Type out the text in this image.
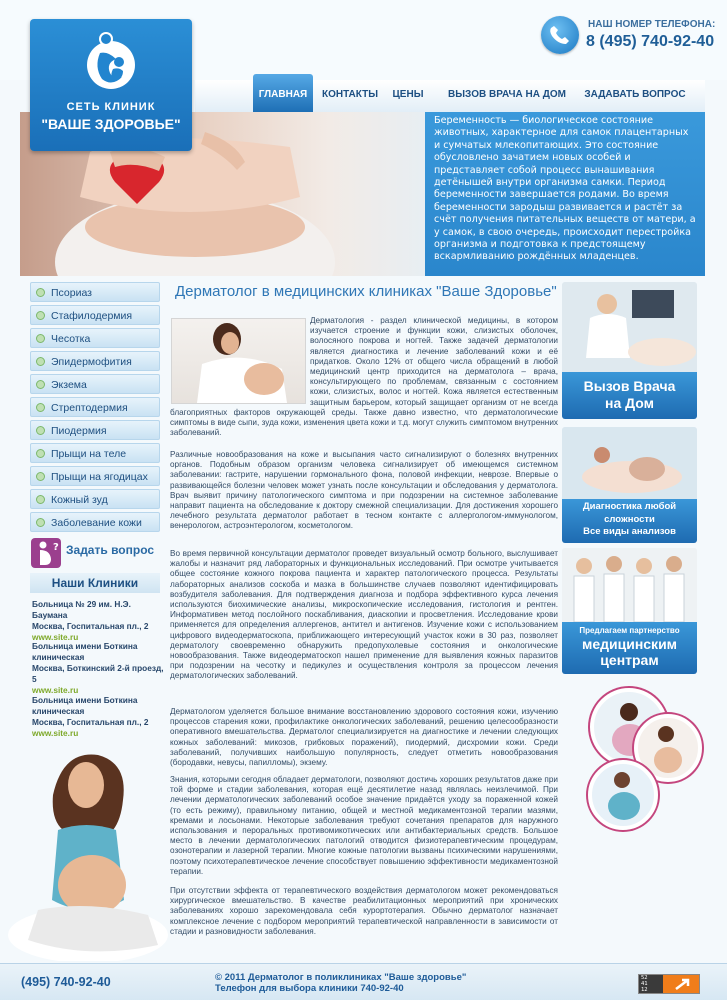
СЕТЬ КЛИНИК
"ВАШЕ ЗДОРОВЬЕ"
НАШ НОМЕР ТЕЛЕФОНА:
8 (495) 740-92-40
ГЛАВНАЯ	КОНТАКТЫ	ЦЕНЫ	ВЫЗОВ ВРАЧА НА ДОМ	ЗАДАВАТЬ ВОПРОС
Беременность — биологическое состояние животных, характерное для самок плацентарных и сумчатых млекопитающих. Это состояние обусловлено зачатием новых особей и представляет собой процесс вынашивания детёнышей внутри организма самки. Период беременности завершается родами. Во время беременности зародыш развивается и растёт за счёт получения питательных веществ от матери, а у самок, в свою очередь, происходит перестройка организма и подготовка к предстоящему вскармливанию рождённых младенцев.
Псориаз
Стафилодермия
Чесотка
Эпидермофития
Экзема
Стрептодермия
Пиодермия
Прыщи на теле
Прыщи на ягодицах
Кожный зуд
Заболевание кожи
? Задать вопрос
Наши Клиники
Больница № 29 им. Н.Э. Баумана
Москва, Госпитальная пл., 2
www.site.ru
Больница имени Боткина клиническая
Москва, Боткинский 2-й проезд, 5
www.site.ru
Больница имени Боткина клиническая
Москва, Госпитальная пл., 2
www.site.ru
Дерматолог в медицинских клиниках "Ваше Здоровье"

Дерматология - раздел клинической медицины, в котором изучается строение и функции кожи, слизистых оболочек, волосяного покрова и ногтей. Также задачей дерматологии является диагностика и лечение заболеваний кожи и её придатков. Около 12% от общего числа обращений в любой медицинский центр приходится на дерматолога – врача, консультирующего по проблемам, связанным с состоянием кожи, слизистых, волос и ногтей. Кожа является естественным защитным барьером, который защищает организм от не всегда благоприятных факторов окружающей среды. Также давно известно, что дерматологические симптомы в виде сыпи, зуда кожи, изменения цвета кожи и т.д. могут служить симптомом внутренних заболеваний.
Различные новообразования на коже и высыпания часто сигнализируют о болезнях внутренних органов. Подобным образом организм человека сигнализирует об имеющемся системном заболевании: гастрите, нарушении гормонального фона, половой инфекции, неврозе. Впервые о развивающейся болезни человек может узнать после консультации и обследования у дерматолога. Врач выявит причину патологического симптома и при подозрении на системное заболевание направит пациента на обследование к доктору смежной специализации. Для достижения хорошего лечебного результата дерматолог работает в тесном контакте с аллергологом-иммунологом, венерологом, астроэнтерологом, косметологом.
Во время первичной консультации дерматолог проведет визуальный осмотр больного, выслушивает жалобы и назначит ряд лабораторных и функциональных исследований. При осмотре учитывается общее состояние кожного покрова пациента и характер патологического процесса. Результаты лабораторных анализов соскоба и мазка в большинстве случаев позволяют идентифицировать возбудителя заболевания. Для подтверждения диагноза и подбора эффективного курса лечения используются биохимические анализы, микроскопические исследования, гистология и рентген. Информативен метод послойного поскабливания, диаскопии и просветления. Исследование крови применяется для определения аллергенов, антител и антигенов. Изучение кожи с использованием цифрового видеодерматоскопа, приближающего интересующий участок кожи в 30 раз, позволяет дерматологу своевременно обнаружить предопухолевые состояния и онкологические новообразования. Также видеодерматоскоп нашел применение для выявления кожных паразитов при подозрении на чесотку и педикулез и осуществления контроля за процессом лечения дерматологических заболеваний.
Дерматологом уделяется большое внимание восстановлению здорового состояния кожи, изучению процессов старения кожи, профилактике онкологических заболеваний, решению целесообразности оперативного вмешательства. Дерматолог специализируется на диагностике и лечении следующих кожных заболеваний: микозов, грибковых поражений), пиодермий, дисхромии кожи. Среди заболеваний, получивших наибольшую популярность, следует отметить новообразования (бородавки, невусы, папилломы), экзему.
Знания, которыми сегодня обладает дерматологи, позволяют достичь хороших результатов даже при той форме и стадии заболевания, которая ещё десятилетие назад являлась неизлечимой. При лечении дерматологических заболеваний особое значение придаётся уходу за пораженной кожей (то есть режиму), правильному питанию, общей и местной медикаментозной терапии мазями, кремами и лосьонами. Некоторые заболевания требуют сочетания препаратов для наружного использования и пероральных противомикотических или антибактериальных средств. Большое место в лечении дерматологических патологий отводится физиотерапевтическим процедурам, озонотерапии и лазерной терапии. Многие кожные патологии вызваны психическими нарушениями, поэтому психотерапевтическое лечение способствует повышению эффективности медикаментозной терапии.
При отсутствии эффекта от терапевтического воздействия дерматологом может рекомендоваться хирургическое вмешательство. В качестве реабилитационных мероприятий при хронических заболеваниях хорошо зарекомендовала себя курортотерапия. Обычно дерматолог назначает комплексное лечение с подбором мероприятий терапевтической направленности в зависимости от стадии и разновидности заболевания.
Вызов Врача
на Дом
Диагностика любой
сложности
Все виды анализов
Предлагаем партнерство
медицинским
центрам
(495) 740-92-40	© 2011 Дерматолог в поликлиниках "Ваше здоровье"
Телефон для выбора клиники 740-92-40
52
41
12
